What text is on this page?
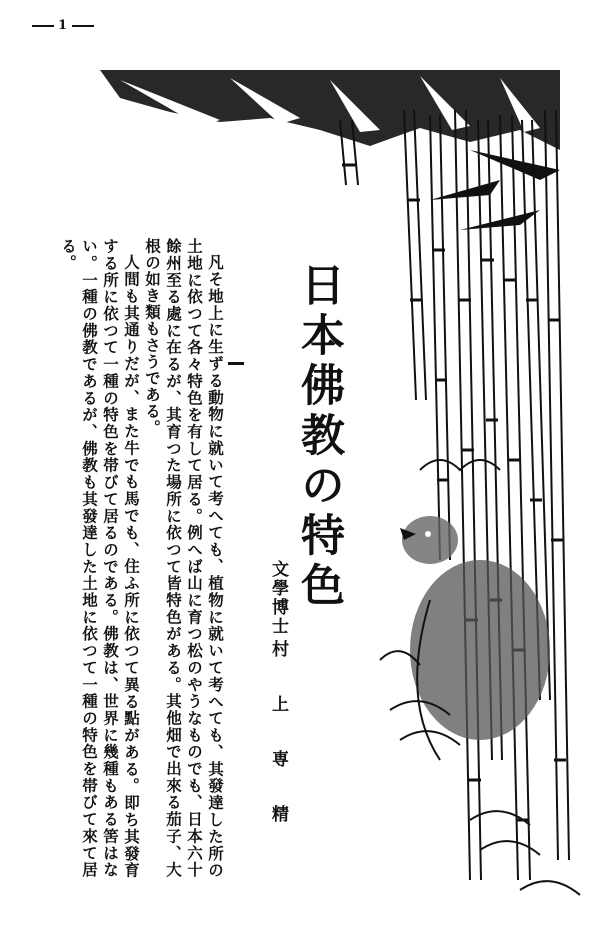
1
日本佛教の特色
文學博士
村上専精

凡そ地上に生ずる動物に就いて考へても、植物に就いて考へても、其發達した所の土地に依つて各々特色を有して居る。例へば山に育つ松のやうなものでも、日本六十餘州至る處に在るが、其育つた場所に依つて皆特色がある。其他畑で出來る茄子、大根の如き類もさうである。

人間も其通りだが、また牛でも馬でも、住ふ所に依つて異る點がある。即ち其發育する所に依つて一種の特色を帯びて居るのである。佛教は、世界に幾種もある筈はない。一種の佛教であるが、佛教も其發達した土地に依つて一種の特色を帯びて來て居る。
